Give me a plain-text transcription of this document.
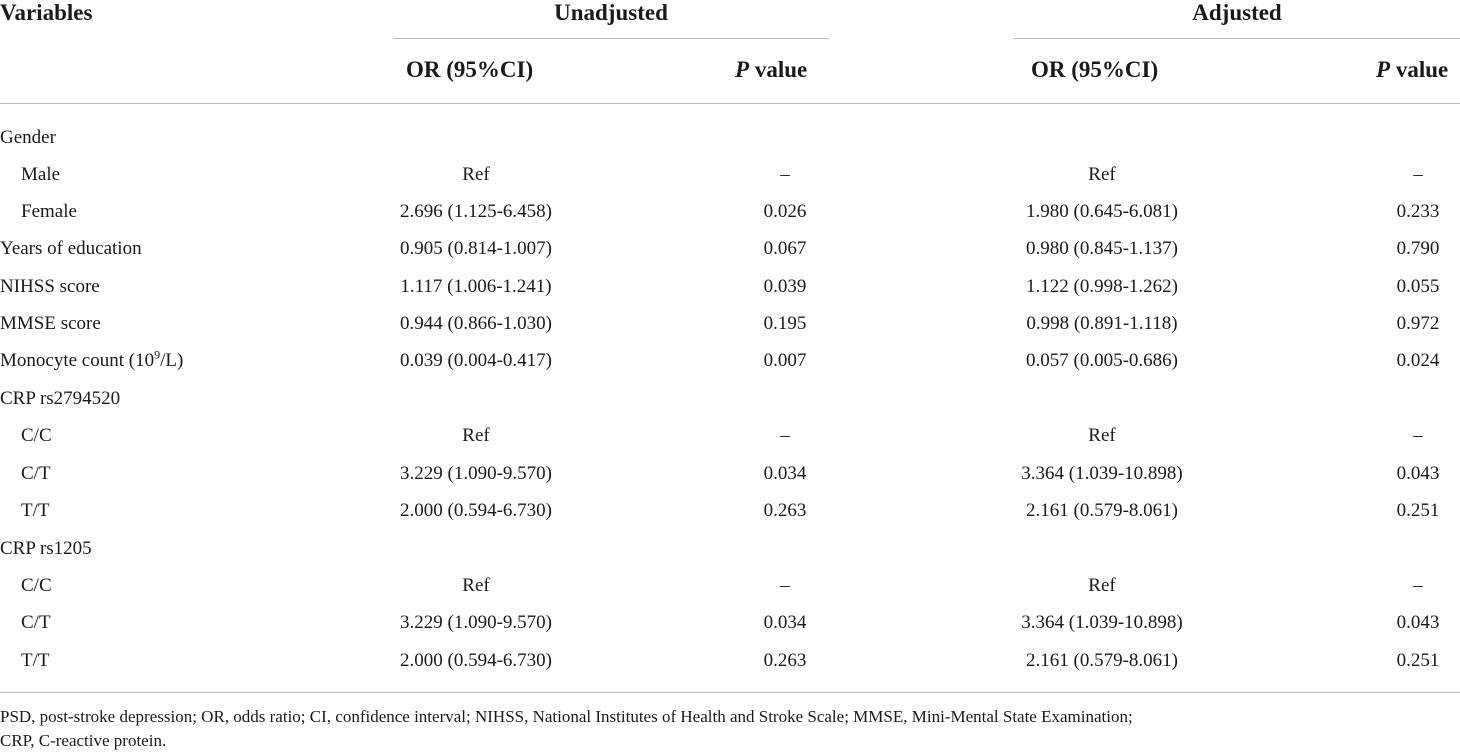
Variables	Unadjusted	Adjusted
OR (95%CI)	P value	OR (95%CI)	P value
Gender
Male	Ref	–	Ref	–
Female	2.696 (1.125-6.458)	0.026	1.980 (0.645-6.081)	0.233
Years of education	0.905 (0.814-1.007)	0.067	0.980 (0.845-1.137)	0.790
NIHSS score	1.117 (1.006-1.241)	0.039	1.122 (0.998-1.262)	0.055
MMSE score	0.944 (0.866-1.030)	0.195	0.998 (0.891-1.118)	0.972
Monocyte count $(10^9/L)$	0.039 (0.004-0.417)	0.007	0.057 (0.005-0.686)	0.024
CRP rs2794520
C/C	Ref	–	Ref	–
C/T	3.229 (1.090-9.570)	0.034	3.364 (1.039-10.898)	0.043
T/T	2.000 (0.594-6.730)	0.263	2.161 (0.579-8.061)	0.251
CRP rs1205
C/C	Ref	–	Ref	–
C/T	3.229 (1.090-9.570)	0.034	3.364 (1.039-10.898)	0.043
T/T	2.000 (0.594-6.730)	0.263	2.161 (0.579-8.061)	0.251
PSD, post-stroke depression; OR, odds ratio; CI, confidence interval; NIHSS, National Institutes of Health and Stroke Scale; MMSE, Mini-Mental State Examination;
CRP, C-reactive protein.
